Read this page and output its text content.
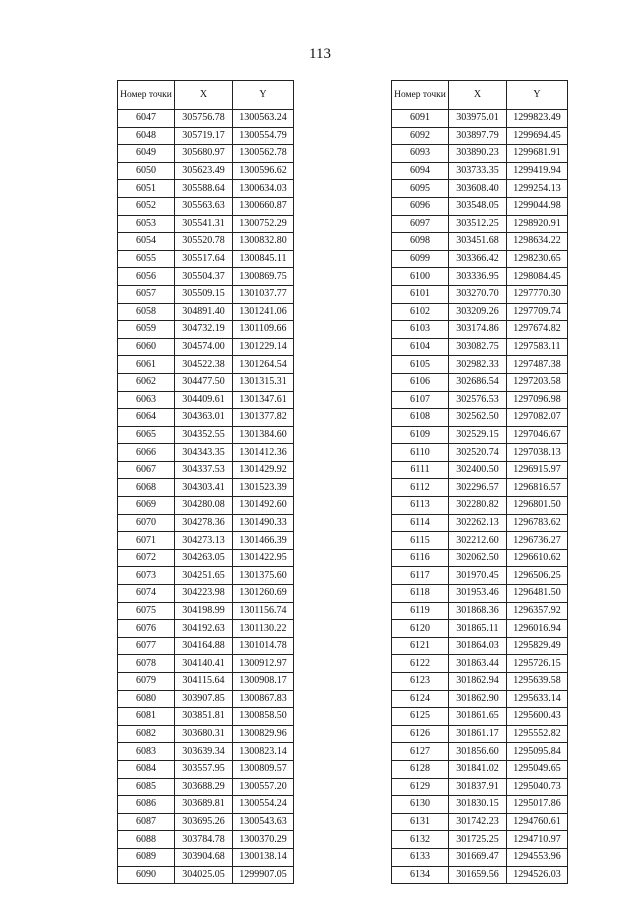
113
Номер точки	X	Y
6047	305756.78	1300563.24
6048	305719.17	1300554.79
6049	305680.97	1300562.78
6050	305623.49	1300596.62
6051	305588.64	1300634.03
6052	305563.63	1300660.87
6053	305541.31	1300752.29
6054	305520.78	1300832.80
6055	305517.64	1300845.11
6056	305504.37	1300869.75
6057	305509.15	1301037.77
6058	304891.40	1301241.06
6059	304732.19	1301109.66
6060	304574.00	1301229.14
6061	304522.38	1301264.54
6062	304477.50	1301315.31
6063	304409.61	1301347.61
6064	304363.01	1301377.82
6065	304352.55	1301384.60
6066	304343.35	1301412.36
6067	304337.53	1301429.92
6068	304303.41	1301523.39
6069	304280.08	1301492.60
6070	304278.36	1301490.33
6071	304273.13	1301466.39
6072	304263.05	1301422.95
6073	304251.65	1301375.60
6074	304223.98	1301260.69
6075	304198.99	1301156.74
6076	304192.63	1301130.22
6077	304164.88	1301014.78
6078	304140.41	1300912.97
6079	304115.64	1300908.17
6080	303907.85	1300867.83
6081	303851.81	1300858.50
6082	303680.31	1300829.96
6083	303639.34	1300823.14
6084	303557.95	1300809.57
6085	303688.29	1300557.20
6086	303689.81	1300554.24
6087	303695.26	1300543.63
6088	303784.78	1300370.29
6089	303904.68	1300138.14
6090	304025.05	1299907.05
Номер точки	X	Y
6091	303975.01	1299823.49
6092	303897.79	1299694.45
6093	303890.23	1299681.91
6094	303733.35	1299419.94
6095	303608.40	1299254.13
6096	303548.05	1299044.98
6097	303512.25	1298920.91
6098	303451.68	1298634.22
6099	303366.42	1298230.65
6100	303336.95	1298084.45
6101	303270.70	1297770.30
6102	303209.26	1297709.74
6103	303174.86	1297674.82
6104	303082.75	1297583.11
6105	302982.33	1297487.38
6106	302686.54	1297203.58
6107	302576.53	1297096.98
6108	302562.50	1297082.07
6109	302529.15	1297046.67
6110	302520.74	1297038.13
6111	302400.50	1296915.97
6112	302296.57	1296816.57
6113	302280.82	1296801.50
6114	302262.13	1296783.62
6115	302212.60	1296736.27
6116	302062.50	1296610.62
6117	301970.45	1296506.25
6118	301953.46	1296481.50
6119	301868.36	1296357.92
6120	301865.11	1296016.94
6121	301864.03	1295829.49
6122	301863.44	1295726.15
6123	301862.94	1295639.58
6124	301862.90	1295633.14
6125	301861.65	1295600.43
6126	301861.17	1295552.82
6127	301856.60	1295095.84
6128	301841.02	1295049.65
6129	301837.91	1295040.73
6130	301830.15	1295017.86
6131	301742.23	1294760.61
6132	301725.25	1294710.97
6133	301669.47	1294553.96
6134	301659.56	1294526.03
